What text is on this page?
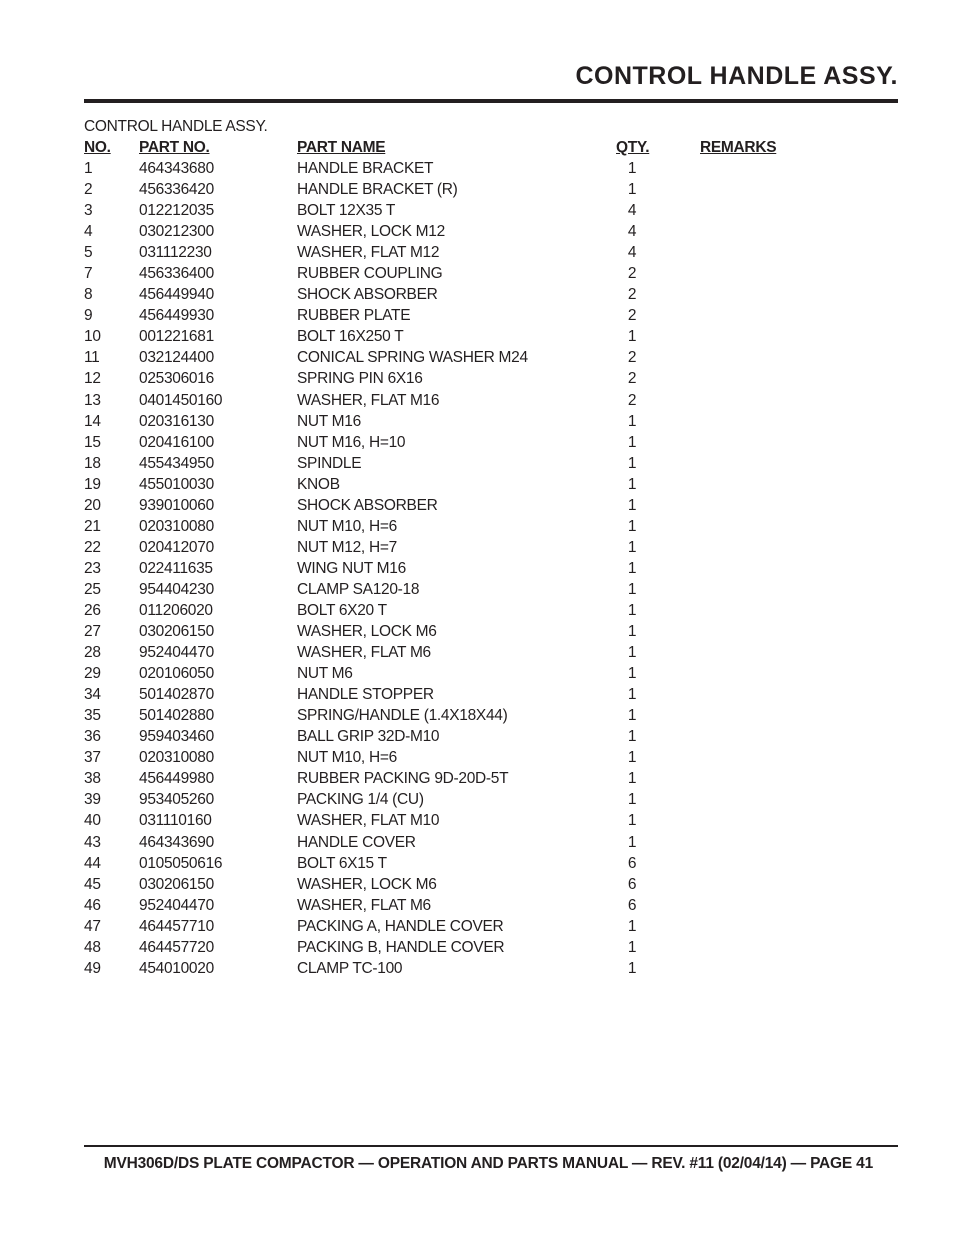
CONTROL HANDLE ASSY.
CONTROL HANDLE ASSY.
NO. PART NO.	PART NAME	QTY.	REMARKS
1	464343680	HANDLE BRACKET	1
2	456336420	HANDLE BRACKET (R)	1
3	012212035	BOLT 12X35 T	4
4	030212300	WASHER, LOCK M12	4
5	031112230	WASHER, FLAT M12	4
7	456336400	RUBBER COUPLING	2
8	456449940	SHOCK ABSORBER	2
9	456449930	RUBBER PLATE	2
10 001221681	BOLT 16X250 T	1
11	032124400	CONICAL SPRING WASHER M24	2
12 025306016	SPRING PIN 6X16	2
13 0401450160	WASHER, FLAT M16	2
14 020316130	NUT M16	1
15 020416100	NUT M16, H=10	1
18 455434950	SPINDLE	1
19 455010030	KNOB	1
20 939010060	SHOCK ABSORBER	1
21 020310080	NUT M10, H=6	1
22 020412070	NUT M12, H=7	1
23 022411635	WING NUT M16	1
25 954404230	CLAMP SA120-18	1
26 011206020	BOLT 6X20 T	1
27 030206150	WASHER, LOCK M6	1
28 952404470	WASHER, FLAT M6	1
29 020106050	NUT M6	1
34 501402870	HANDLE STOPPER	1
35 501402880	SPRING/HANDLE (1.4X18X44)	1
36 959403460	BALL GRIP 32D-M10	1
37 020310080	NUT M10, H=6	1
38 456449980	RUBBER PACKING 9D-20D-5T	1
39 953405260	PACKING 1/4 (CU)	1
40 031110160	WASHER, FLAT M10	1
43 464343690	HANDLE COVER	1
44 0105050616	BOLT 6X15 T	6
45 030206150	WASHER, LOCK M6	6
46 952404470	WASHER, FLAT M6	6
47 464457710	PACKING A, HANDLE COVER	1
48 464457720	PACKING B, HANDLE COVER	1
49 454010020	CLAMP TC-100	1
MVH306D/DS PLATE COMPACTOR — OPERATION AND PARTS MANUAL — REV. #11 (02/04/14) — PAGE 41
